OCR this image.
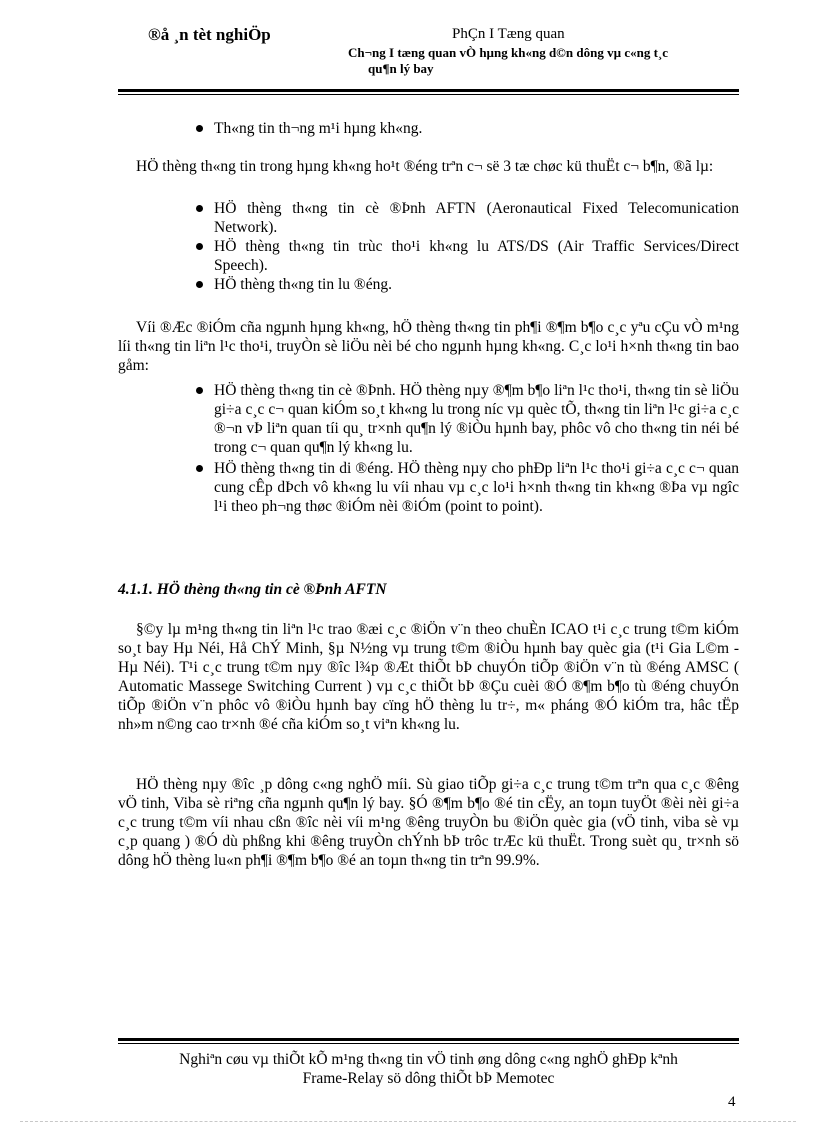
®å ¸n tèt nghiÖp	PhÇn I Tæng quan
Ch¬ng I tæng quan vÒ hµng kh«ng d©n dông vµ c«ng t¸c
qu¶n lý bay
Th«ng tin th¬ng m¹i hµng kh«ng.

HÖ thèng th«ng tin trong hµng kh«ng ho¹t ®éng trªn c¬ së 3 tæ chøc kü thuËt c¬ b¶n, ®ã lµ:

HÖ thèng th«ng tin cè ®Þnh AFTN (Aeronautical Fixed Telecomunication Network).
HÖ thèng th«ng tin trùc tho¹i kh«ng lu ATS/DS (Air Traffic Services/Direct Speech).
HÖ thèng th«ng tin lu ®éng.

Víi ®Æc ®iÓm cña ngµnh hµng kh«ng, hÖ thèng th«ng tin ph¶i ®¶m b¶o c¸c yªu cÇu vÒ m¹ng líi th«ng tin liªn l¹c tho¹i, truyÒn sè liÖu nèi bé cho ngµnh hµng kh«ng. C¸c lo¹i h×nh th«ng tin bao gåm:

HÖ thèng th«ng tin cè ®Þnh. HÖ thèng nµy ®¶m b¶o liªn l¹c tho¹i, th«ng tin sè liÖu gi÷a c¸c c¬ quan kiÓm so¸t kh«ng lu trong níc vµ quèc tÕ, th«ng tin liªn l¹c gi÷a c¸c ®¬n vÞ liªn quan tíi qu¸ tr×nh qu¶n lý ®iÒu hµnh bay, phôc vô cho th«ng tin néi bé trong c¬ quan qu¶n lý kh«ng lu.
HÖ thèng th«ng tin di ®éng. HÖ thèng nµy cho phÐp liªn l¹c tho¹i gi÷a c¸c c¬ quan cung cÊp dÞch vô kh«ng lu víi nhau vµ c¸c lo¹i h×nh th«ng tin kh«ng ®Þa vµ ngîc l¹i theo ph¬ng thøc ®iÓm nèi ®iÓm (point to point).

4.1.1. HÖ thèng th«ng tin cè ®Þnh AFTN

§©y lµ m¹ng th«ng tin liªn l¹c trao ®æi c¸c ®iÖn v¨n theo chuÈn ICAO t¹i c¸c trung t©m kiÓm so¸t bay Hµ Néi, Hå ChÝ Minh, §µ N½ng vµ trung t©m ®iÒu hµnh bay quèc gia (t¹i Gia L©m - Hµ Néi). T¹i c¸c trung t©m nµy ®îc l¾p ®Æt thiÕt bÞ chuyÓn tiÕp ®iÖn v¨n tù ®éng AMSC ( Automatic Massege Switching Current ) vµ c¸c thiÕt bÞ ®Çu cuèi ®Ó ®¶m b¶o tù ®éng chuyÓn tiÕp ®iÖn v¨n phôc vô ®iÒu hµnh bay cïng hÖ thèng lu tr÷, m« pháng ®Ó kiÓm tra, hâc tËp nh»m n©ng cao tr×nh ®é cña kiÓm so¸t viªn kh«ng lu.

HÖ thèng nµy ®îc ¸p dông c«ng nghÖ míi. Sù giao tiÕp gi÷a c¸c trung t©m trªn qua c¸c ®êng vÖ tinh, Viba sè riªng cña ngµnh qu¶n lý bay. §Ó ®¶m b¶o ®é tin cËy, an toµn tuyÖt ®èi nèi gi÷a c¸c trung t©m víi nhau cßn ®îc nèi víi m¹ng ®êng truyÒn bu ®iÖn quèc gia (vÖ tinh, viba sè vµ c¸p quang ) ®Ó dù phßng khi ®êng truyÒn chÝnh bÞ trôc trÆc kü thuËt. Trong suèt qu¸ tr×nh sö dông hÖ thèng lu«n ph¶i ®¶m b¶o ®é an toµn th«ng tin trªn 99.9%.

Nghiªn cøu vµ thiÕt kÕ m¹ng th«ng tin vÖ tinh øng dông c«ng nghÖ ghÐp kªnh
Frame-Relay sö dông thiÕt bÞ Memotec
4
